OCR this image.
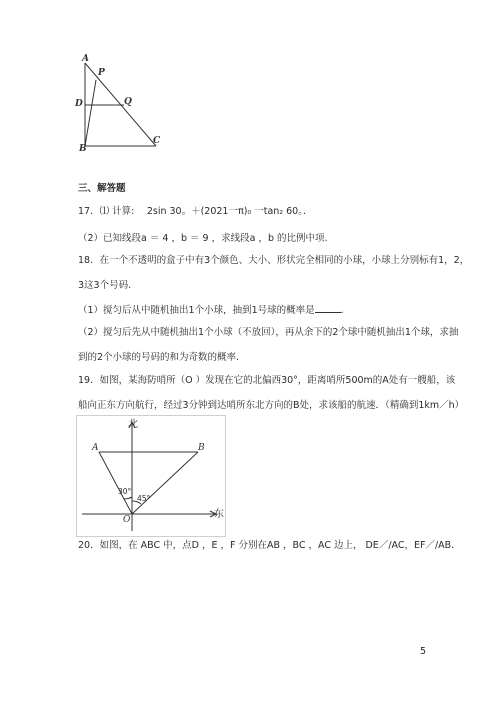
A
P
D	Q
B
C
三、解答题
17．⑴ 计算:　 2sin 30。＋(2021一π)₀ 一tan₂ 60。．
（2）已知线段a ＝ 4 ，b ＝ 9 ，求线段a ，b 的比例中项.
18．在一个不透明的盒子中有3个颜色、大小、形状完全相同的小球，小球上分别标有1，2，
3这3个号码.
（1）搅匀后从中随机抽出1个小球，抽到1号球的概率是	．
（2）搅匀后先从中随机抽出1个小球（不放回），再从余下的2个球中随机抽出1个球，求抽
到的2个小球的号码的和为奇数的概率.
19．如图，某海防哨所（O ）发现在它的北偏西30°，距离哨所500m的A处有一艘船，该
船向正东方向航行，经过3分钟到达哨所东北方向的B处，求该船的航速．（精确到1km／h）
北
东
A	B
O
30°
45°
20．如图，在 ABC 中，点D ，E ，F 分别在AB ，BC ，AC 边上， DE／/AC，EF／/AB．
5
